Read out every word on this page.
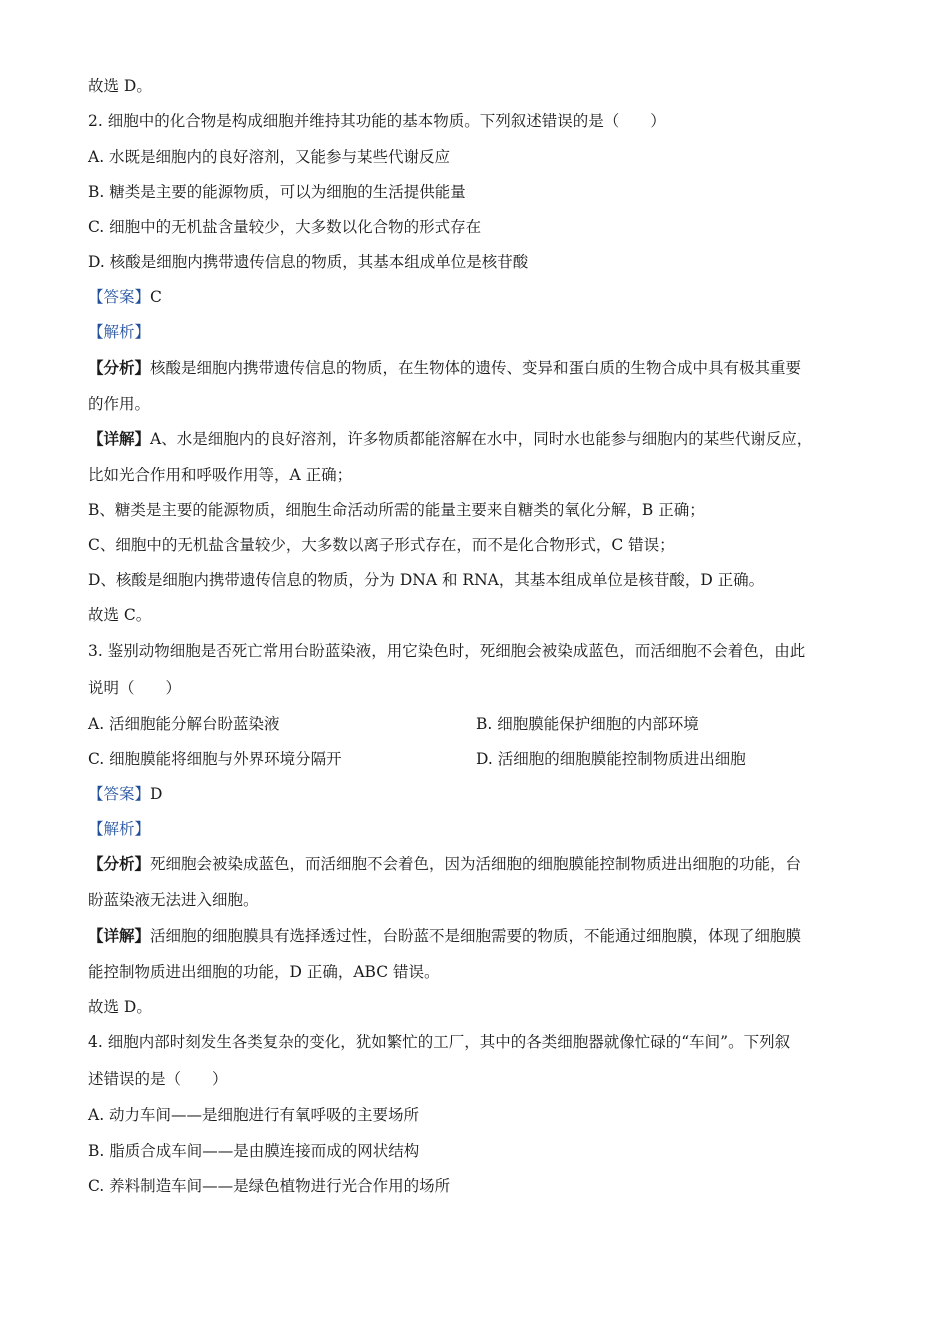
故选 D。
2. 细胞中的化合物是构成细胞并维持其功能的基本物质。下列叙述错误的是（　　）
A. 水既是细胞内的良好溶剂，又能参与某些代谢反应
B. 糖类是主要的能源物质，可以为细胞的生活提供能量
C. 细胞中的无机盐含量较少，大多数以化合物的形式存在
D. 核酸是细胞内携带遗传信息的物质，其基本组成单位是核苷酸
【答案】C
【解析】
【分析】核酸是细胞内携带遗传信息的物质，在生物体的遗传、变异和蛋白质的生物合成中具有极其重要
的作用。
【详解】A、水是细胞内的良好溶剂，许多物质都能溶解在水中，同时水也能参与细胞内的某些代谢反应，
比如光合作用和呼吸作用等，A 正确；
B、糖类是主要的能源物质，细胞生命活动所需的能量主要来自糖类的氧化分解，B 正确；
C、细胞中的无机盐含量较少，大多数以离子形式存在，而不是化合物形式，C 错误；
D、核酸是细胞内携带遗传信息的物质，分为 DNA 和 RNA，其基本组成单位是核苷酸，D 正确。
故选 C。
3. 鉴别动物细胞是否死亡常用台盼蓝染液，用它染色时，死细胞会被染成蓝色，而活细胞不会着色，由此
说明（　　）
A. 活细胞能分解台盼蓝染液	B. 细胞膜能保护细胞的内部环境
C. 细胞膜能将细胞与外界环境分隔开	D. 活细胞的细胞膜能控制物质进出细胞
【答案】D
【解析】
【分析】死细胞会被染成蓝色，而活细胞不会着色，因为活细胞的细胞膜能控制物质进出细胞的功能，台
盼蓝染液无法进入细胞。
【详解】活细胞的细胞膜具有选择透过性，台盼蓝不是细胞需要的物质，不能通过细胞膜，体现了细胞膜
能控制物质进出细胞的功能，D 正确，ABC 错误。
故选 D。
4. 细胞内部时刻发生各类复杂的变化，犹如繁忙的工厂，其中的各类细胞器就像忙碌的“车间”。下列叙
述错误的是（　　）
A. 动力车间——是细胞进行有氧呼吸的主要场所
B. 脂质合成车间——是由膜连接而成的网状结构
C. 养料制造车间——是绿色植物进行光合作用的场所
